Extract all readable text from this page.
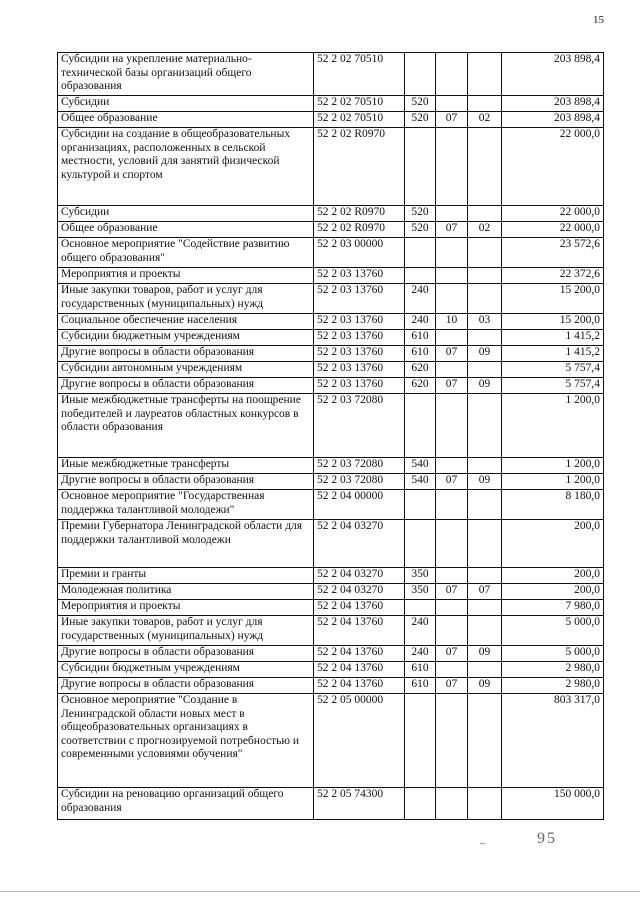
15
Субсидии на укрепление материально-технической базы организаций общего образования	52 2 02 70510				203 898,4
Субсидии	52 2 02 70510	520			203 898,4
Общее образование	52 2 02 70510	520	07	02	203 898,4
Субсидии на создание в общеобразовательных организациях, расположенных в сельской местности, условий для занятий физической культурой и спортом	52 2 02 R0970				22 000,0
Субсидии	52 2 02 R0970	520			22 000,0
Общее образование	52 2 02 R0970	520	07	02	22 000,0
Основное мероприятие "Содействие развитию общего образования"	52 2 03 00000				23 572,6
Мероприятия и проекты	52 2 03 13760				22 372,6
Иные закупки товаров, работ и услуг для государственных (муниципальных) нужд	52 2 03 13760	240			15 200,0
Социальное обеспечение населения	52 2 03 13760	240	10	03	15 200,0
Субсидии бюджетным учреждениям	52 2 03 13760	610			1 415,2
Другие вопросы в области образования	52 2 03 13760	610	07	09	1 415,2
Субсидии автономным учреждениям	52 2 03 13760	620			5 757,4
Другие вопросы в области образования	52 2 03 13760	620	07	09	5 757,4
Иные межбюджетные трансферты на поощрение победителей и лауреатов областных конкурсов в области образования	52 2 03 72080				1 200,0
Иные межбюджетные трансферты	52 2 03 72080	540			1 200,0
Другие вопросы в области образования	52 2 03 72080	540	07	09	1 200,0
Основное мероприятие "Государственная поддержка талантливой молодежи"	52 2 04 00000				8 180,0
Премии Губернатора Ленинградской области для поддержки талантливой молодежи	52 2 04 03270				200,0
Премии и гранты	52 2 04 03270	350			200,0
Молодежная политика	52 2 04 03270	350	07	07	200,0
Мероприятия и проекты	52 2 04 13760				7 980,0
Иные закупки товаров, работ и услуг для государственных (муниципальных) нужд	52 2 04 13760	240			5 000,0
Другие вопросы в области образования	52 2 04 13760	240	07	09	5 000,0
Субсидии бюджетным учреждениям	52 2 04 13760	610			2 980,0
Другие вопросы в области образования	52 2 04 13760	610	07	09	2 980,0
Основное мероприятие "Создание в Ленинградской области новых мест в общеобразовательных организациях в соответствии с прогнозируемой потребностью и современными условиями обучения"	52 2 05 00000				803 317,0
Субсидии на реновацию организаций общего образования	52 2 05 74300				150 000,0
–	95
